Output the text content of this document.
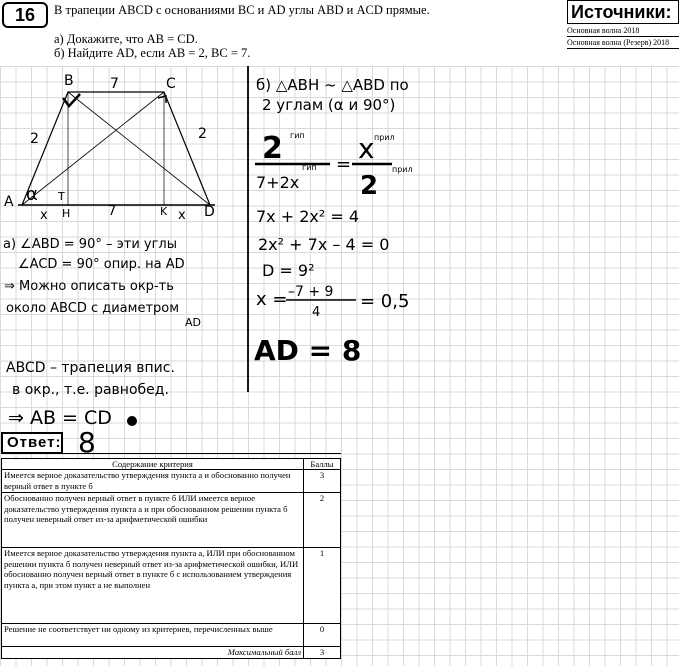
16	В трапеции ABCD с основаниями BC и AD углы ABD и ACD прямые.
а) Докажите, что AB = CD.
б) Найдите AD, если AB = 2, BC = 7.
Источники:
Основная волна 2018
Основная волна (Резерв) 2018
B	C
7
2	2
A
D
α T
H	K
7
x	x
а) ∠ABD = 90° – эти углы
∠ACD = 90° опир. на AD
⇒ Можно описать окр-ть
около ABCD с диаметром
AD
ABCD – трапеция впис.
в окр., т.е. равнобед.
⇒ AB = CD
б) △ABH ~ △ABD по
2 углам (α и 90°)
2 гип
7+2x
гип = x прил
2
прил
7x + 2x² = 4
2x² + 7x – 4 = 0
D = 9²
x = –7 + 9
4
= 0,5
AD = 8
Ответ: 8
Содержание критерия	Баллы
Имеется верное доказательство утверждения пункта а и обоснованно получен верный ответ в пункте б	3
Обоснованно получен верный ответ в пункте б ИЛИ имеется верное доказательство утверждения пункта а и при обоснованном решении пункта б получен неверный ответ из-за арифметической ошибки	2
Имеется верное доказательство утверждения пункта а, ИЛИ при обоснованном решении пункта б получен неверный ответ из-за арифметической ошибки, ИЛИ обоснованно получен верный ответ в пункте б с использованием утверждения пункта а, при этом пункт а не выполнен	1
Решение не соответствует ни одному из критериев, перечисленных выше	0
Максимальный балл	3
